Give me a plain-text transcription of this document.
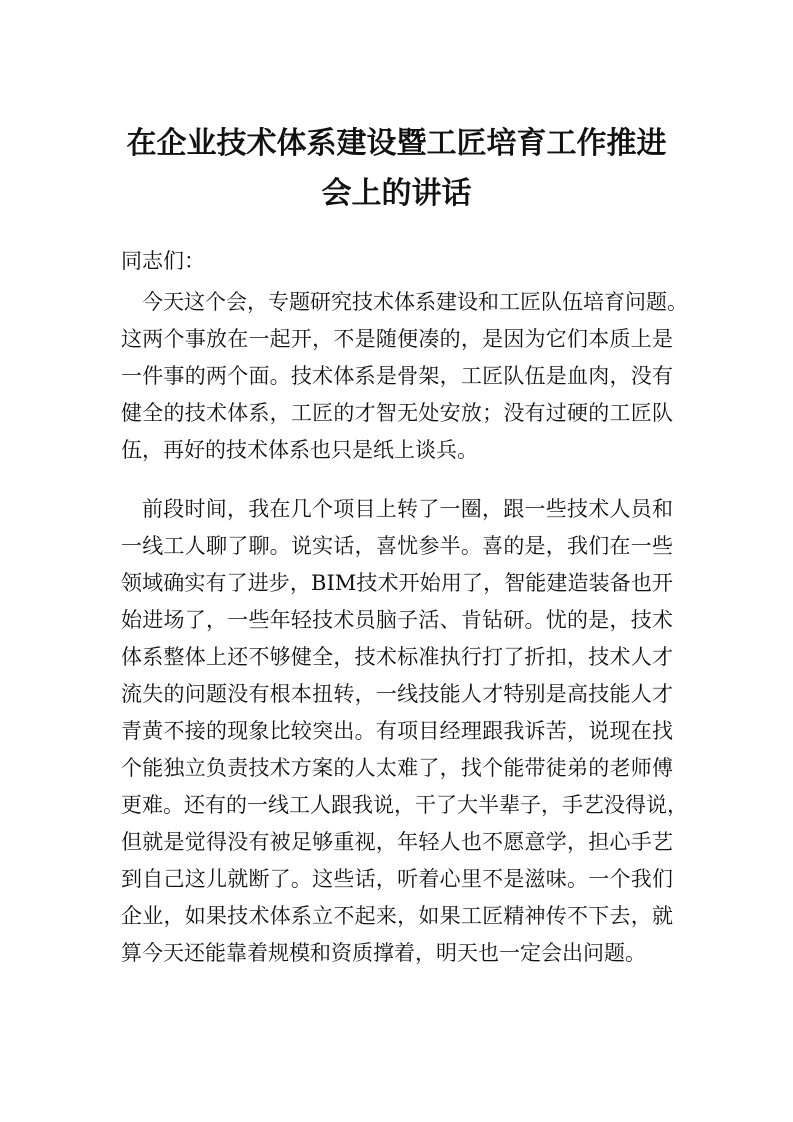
在企业技术体系建设暨工匠培育工作推进
会上的讲话
同志们：
今天这个会，专题研究技术体系建设和工匠队伍培育问题。
这两个事放在一起开，不是随便凑的，是因为它们本质上是
一件事的两个面。技术体系是骨架，工匠队伍是血肉，没有
健全的技术体系，工匠的才智无处安放；没有过硬的工匠队
伍，再好的技术体系也只是纸上谈兵。
前段时间，我在几个项目上转了一圈，跟一些技术人员和
一线工人聊了聊。说实话，喜忧参半。喜的是，我们在一些
领域确实有了进步，BIM技术开始用了，智能建造装备也开
始进场了，一些年轻技术员脑子活、肯钻研。忧的是，技术
体系整体上还不够健全，技术标准执行打了折扣，技术人才
流失的问题没有根本扭转，一线技能人才特别是高技能人才
青黄不接的现象比较突出。有项目经理跟我诉苦，说现在找
个能独立负责技术方案的人太难了，找个能带徒弟的老师傅
更难。还有的一线工人跟我说，干了大半辈子，手艺没得说，
但就是觉得没有被足够重视，年轻人也不愿意学，担心手艺
到自己这儿就断了。这些话，听着心里不是滋味。一个我们
企业，如果技术体系立不起来，如果工匠精神传不下去，就
算今天还能靠着规模和资质撑着，明天也一定会出问题。
